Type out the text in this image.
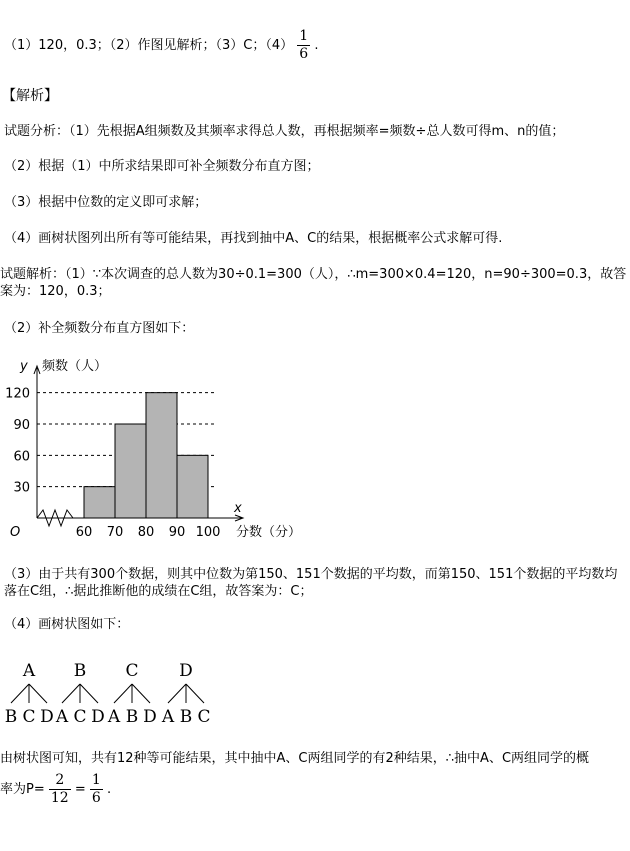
（1）120，0.3；（2）作图见解析；（3）C；$(4) \frac{1}{6}$ .
【解析】
试题分析：（1）先根据A组频数及其频率求得总人数，再根据频率=频数÷总人数可得m、n的值；
（2）根据（1）中所求结果即可补全频数分布直方图；
（3）根据中位数的定义即可求解；
（4）画树状图列出所有等可能结果，再找到抽中A、C的结果，根据概率公式求解可得.
试题解析：（1）∵本次调查的总人数为30÷0.1=300（人），∴m=300×0.4=120，n=90÷300=0.3，故答案为：120，0.3；
（2）补全频数分布直方图如下：
30
60
90
120
60 70 80 90 100
y 频数（人）
x
分数（分）
O
（3）由于共有300个数据，则其中位数为第150、151个数据的平均数，而第150、151个数据的平均数均落在C组，∴据此推断他的成绩在C组，故答案为：C；
（4）画树状图如下：
A
B C D
B
A C D
C
A B D
D
A B C
由树状图可知，共有12种等可能结果，其中抽中A、C两组同学的有2种结果，∴抽中A、C两组同学的概
率为$P= \frac{2}{12} = \frac{1}{6}$ .
